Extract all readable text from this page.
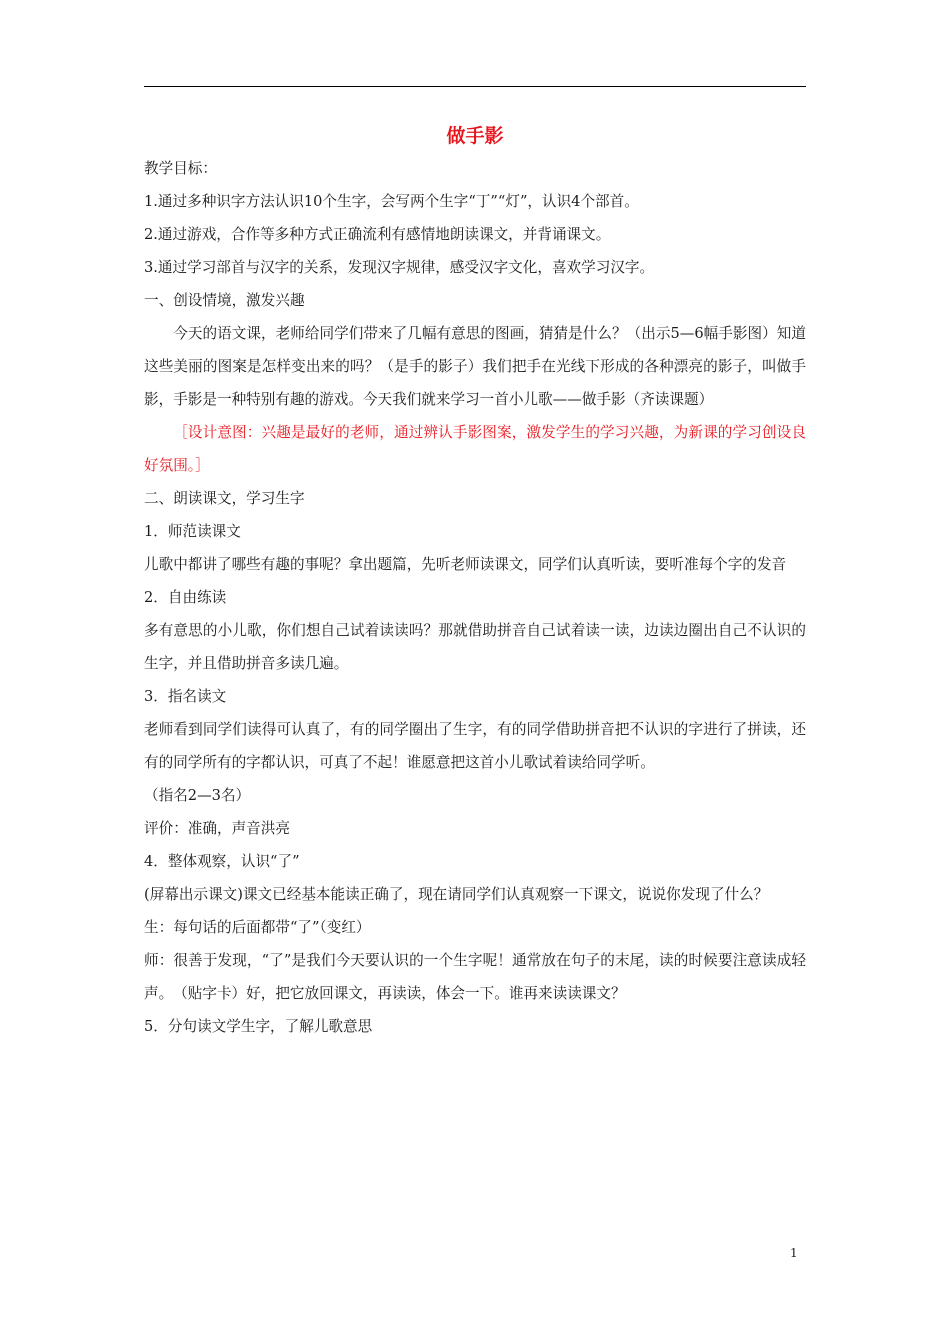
做手影

教学目标：

1.通过多种识字方法认识10个生字，会写两个生字“丁”“灯”，认识4个部首。

2.通过游戏，合作等多种方式正确流利有感情地朗读课文，并背诵课文。

3.通过学习部首与汉字的关系，发现汉字规律，感受汉字文化，喜欢学习汉字。

一、创设情境，激发兴趣

今天的语文课，老师给同学们带来了几幅有意思的图画，猜猜是什么？（出示5—6幅手影图）知道这些美丽的图案是怎样变出来的吗？（是手的影子）我们把手在光线下形成的各种漂亮的影子，叫做手影，手影是一种特别有趣的游戏。今天我们就来学习一首小儿歌——做手影（齐读课题）

［设计意图：兴趣是最好的老师，通过辨认手影图案，激发学生的学习兴趣，为新课的学习创设良好氛围。］

二、朗读课文，学习生字

1．师范读课文

儿歌中都讲了哪些有趣的事呢？拿出题篇，先听老师读课文，同学们认真听读，要听准每个字的发音

2．自由练读

多有意思的小儿歌，你们想自己试着读读吗？那就借助拼音自己试着读一读，边读边圈出自己不认识的生字，并且借助拼音多读几遍。

3．指名读文

老师看到同学们读得可认真了，有的同学圈出了生字，有的同学借助拼音把不认识的字进行了拼读，还有的同学所有的字都认识，可真了不起！谁愿意把这首小儿歌试着读给同学听。

（指名2—3名）

评价：准确，声音洪亮

4．整体观察，认识“了”

(屏幕出示课文)课文已经基本能读正确了，现在请同学们认真观察一下课文，说说你发现了什么？

生：每句话的后面都带“了”（变红）

师：很善于发现，“了”是我们今天要认识的一个生字呢！通常放在句子的末尾，读的时候要注意读成轻声。　（贴字卡）好，把它放回课文，再读读，体会一下。谁再来读读课文？

5．分句读文学生字，了解儿歌意思

1
